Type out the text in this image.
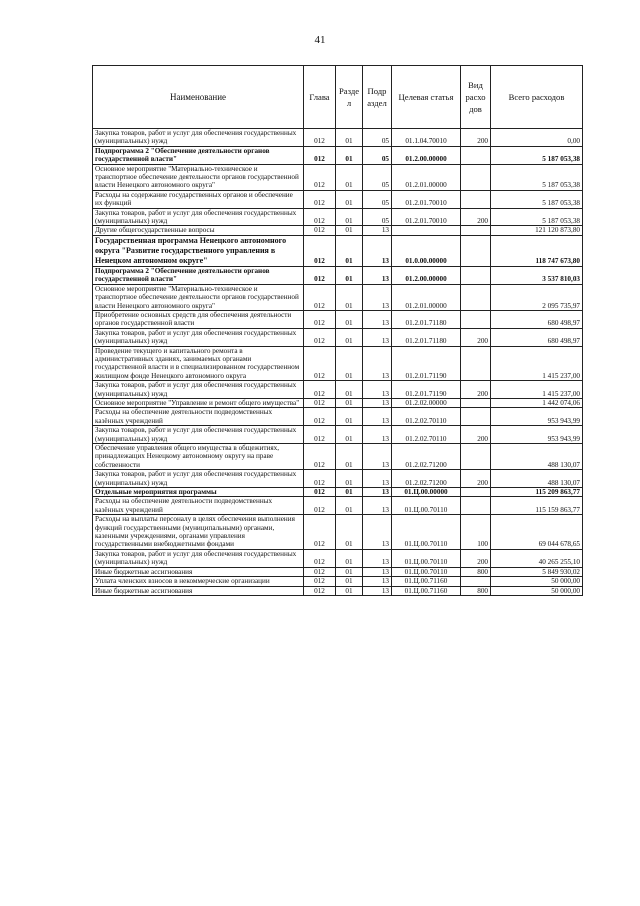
41
Наименование	Глава	Разде л	Подр аздел	Целевая статья	Вид расхо дов	Всего расходов
Закупка товаров, работ и услуг для обеспечения государственных (муниципальных) нужд	012	01	05	01.1.04.70010	200	0,00
Подпрограмма 2 "Обеспечение деятельности органов государственной власти"	012	01	05	01.2.00.00000		5 187 053,38
Основное мероприятие "Материально-техническое и транспортное обеспечение деятельности органов государственной власти Ненецкого автономного округа"	012	01	05	01.2.01.00000		5 187 053,38
Расходы на содержание государственных органов и обеспечение их функций	012	01	05	01.2.01.70010		5 187 053,38
Закупка товаров, работ и услуг для обеспечения государственных (муниципальных) нужд	012	01	05	01.2.01.70010	200	5 187 053,38
Другие общегосударственные вопросы	012	01	13			121 120 873,80
Государственная программа Ненецкого автономного округа "Развитие государственного управления в Ненецком автономном округе"	012	01	13	01.0.00.00000		118 747 673,80
Подпрограмма 2 "Обеспечение деятельности органов государственной власти"	012	01	13	01.2.00.00000		3 537 810,03
Основное мероприятие "Материально-техническое и транспортное обеспечение деятельности органов государственной власти Ненецкого автономного округа"	012	01	13	01.2.01.00000		2 095 735,97
Приобретение основных средств для обеспечения деятельности органов государственной власти	012	01	13	01.2.01.71180		680 498,97
Закупка товаров, работ и услуг для обеспечения государственных (муниципальных) нужд	012	01	13	01.2.01.71180	200	680 498,97
Проведение текущего и капитального ремонта в административных зданиях, занимаемых органами государственной власти и в специализированном государственном жилищном фонде Ненецкого автономного округа	012	01	13	01.2.01.71190		1 415 237,00
Закупка товаров, работ и услуг для обеспечения государственных (муниципальных) нужд	012	01	13	01.2.01.71190	200	1 415 237,00
Основное мероприятие "Управление и ремонт общего имущества"	012	01	13	01.2.02.00000		1 442 074,06
Расходы на обеспечение деятельности подведомственных казённых учреждений	012	01	13	01.2.02.70110		953 943,99
Закупка товаров, работ и услуг для обеспечения государственных (муниципальных) нужд	012	01	13	01.2.02.70110	200	953 943,99
Обеспечение управления общего имущества в общежитиях, принадлежащих Ненецкому автономному округу на праве собственности	012	01	13	01.2.02.71200		488 130,07
Закупка товаров, работ и услуг для обеспечения государственных (муниципальных) нужд	012	01	13	01.2.02.71200	200	488 130,07
Отдельные мероприятия программы	012	01	13	01.Ц.00.00000		115 209 863,77
Расходы на обеспечение деятельности подведомственных казённых учреждений	012	01	13	01.Ц.00.70110		115 159 863,77
Расходы на выплаты персоналу в целях обеспечения выполнения функций государственными (муниципальными) органами, казенными учреждениями, органами управления государственными внебюджетными фондами	012	01	13	01.Ц.00.70110	100	69 044 678,65
Закупка товаров, работ и услуг для обеспечения государственных (муниципальных) нужд	012	01	13	01.Ц.00.70110	200	40 265 255,10
Иные бюджетные ассигнования	012	01	13	01.Ц.00.70110	800	5 849 930,02
Уплата членских взносов в некоммерческие организации	012	01	13	01.Ц.00.71160		50 000,00
Иные бюджетные ассигнования	012	01	13	01.Ц.00.71160	800	50 000,00
